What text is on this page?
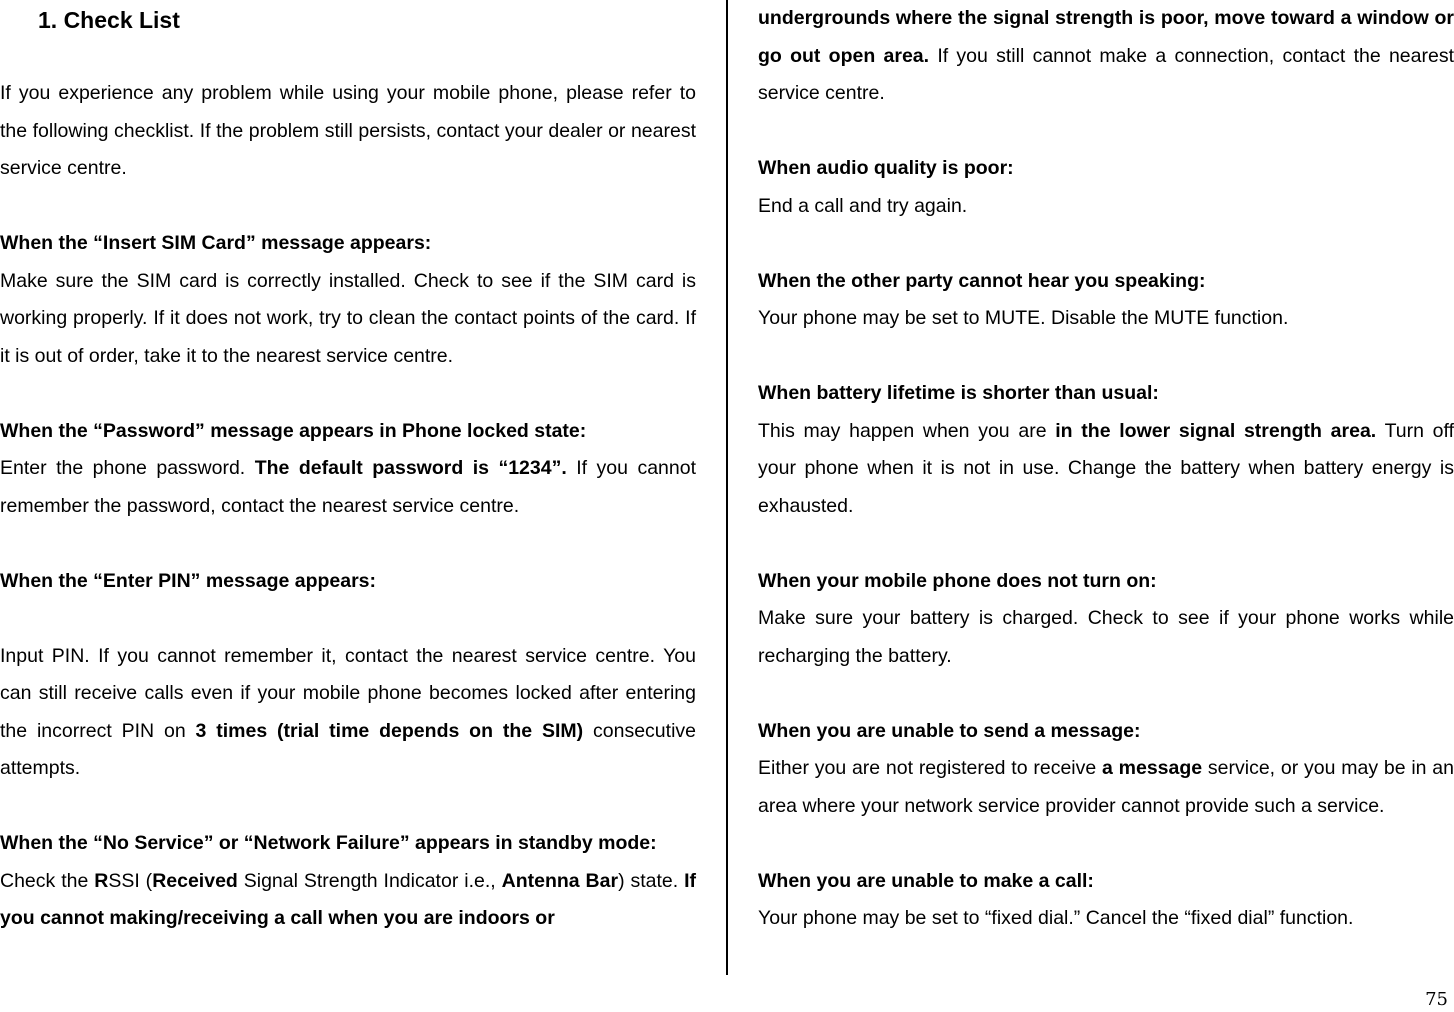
1. Check List

If you experience any problem while using your mobile phone, please refer to the following checklist. If the problem still persists, contact your dealer or nearest service centre.

When the “Insert SIM Card” message appears:

Make sure the SIM card is correctly installed. Check to see if the SIM card is working properly. If it does not work, try to clean the contact points of the card. If it is out of order, take it to the nearest service centre.

When the “Password” message appears in Phone locked state:

Enter the phone password. The default password is “1234”. If you cannot remember the password, contact the nearest service centre.

When the “Enter PIN” message appears:

Input PIN. If you cannot remember it, contact the nearest service centre. You can still receive calls even if your mobile phone becomes locked after entering the incorrect PIN on 3 times (trial time depends on the SIM) consecutive attempts.

When the “No Service” or “Network Failure” appears in standby mode:

Check the RSSI (Received Signal Strength Indicator i.e., Antenna Bar) state. If you cannot making/receiving a call when you are indoors or

undergrounds where the signal strength is poor, move toward a window or go out open area. If you still cannot make a connection, contact the nearest service centre.

When audio quality is poor:

End a call and try again.

When the other party cannot hear you speaking:

Your phone may be set to MUTE. Disable the MUTE function.

When battery lifetime is shorter than usual:

This may happen when you are in the lower signal strength area. Turn off your phone when it is not in use. Change the battery when battery energy is exhausted.

When your mobile phone does not turn on:

Make sure your battery is charged. Check to see if your phone works while recharging the battery.

When you are unable to send a message:

Either you are not registered to receive a message service, or you may be in an area where your network service provider cannot provide such a service.

When you are unable to make a call:

Your phone may be set to “fixed dial.” Cancel the “fixed dial” function.

75
